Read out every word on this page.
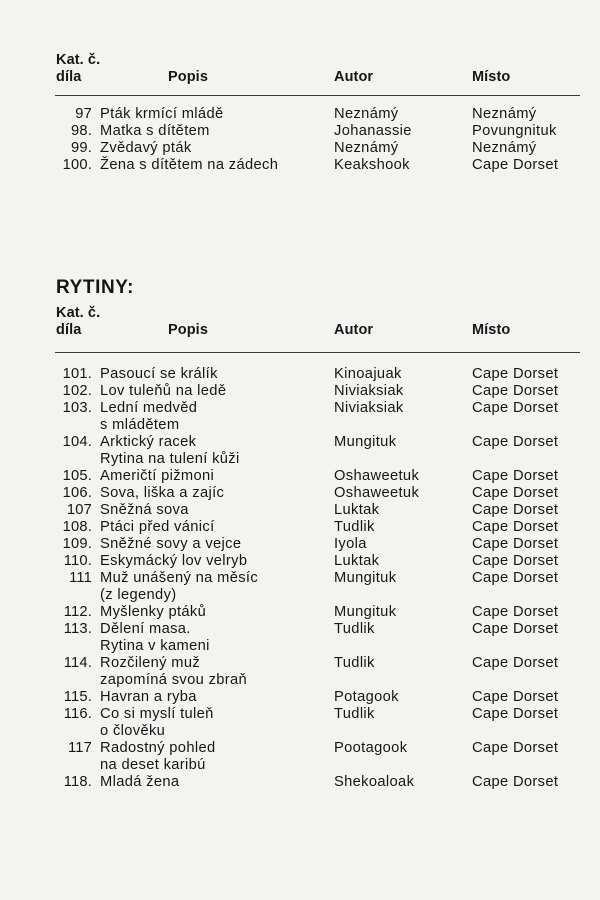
Kat. č.
díla	Popis	Autor	Místo
97 Pták krmící mládě	Neznámý	Neznámý
98. Matka s dítětem	Johanassie	Povungnituk
99. Zvědavý pták	Neznámý	Neznámý
100. Žena s dítětem na zádech	Keakshook	Cape Dorset
RYTINY:
Kat. č.
díla	Popis	Autor	Místo
101. Pasoucí se králík	Kinoajuak	Cape Dorset
102. Lov tuleňů na ledě	Niviaksiak	Cape Dorset
103. Lední medvěd	Niviaksiak	Cape Dorset
s mládětem
104. Arktický racek	Mungituk	Cape Dorset
Rytina na tulení kůži
105. Američtí pižmoni	Oshaweetuk	Cape Dorset
106. Sova, liška a zajíc	Oshaweetuk	Cape Dorset
107 Sněžná sova	Luktak	Cape Dorset
108. Ptáci před vánicí	Tudlik	Cape Dorset
109. Sněžné sovy a vejce	Iyola	Cape Dorset
110. Eskymácký lov velryb	Luktak	Cape Dorset
111 Muž unášený na měsíc	Mungituk	Cape Dorset
(z legendy)
112. Myšlenky ptáků	Mungituk	Cape Dorset
113. Dělení masa.	Tudlik	Cape Dorset
Rytina v kameni
114. Rozčilený muž	Tudlik	Cape Dorset
zapomíná svou zbraň
115. Havran a ryba	Potagook	Cape Dorset
116. Co si myslí tuleň	Tudlik	Cape Dorset
o člověku
117 Radostný pohled	Pootagook	Cape Dorset
na deset karibú
118. Mladá žena	Shekoaloak	Cape Dorset
